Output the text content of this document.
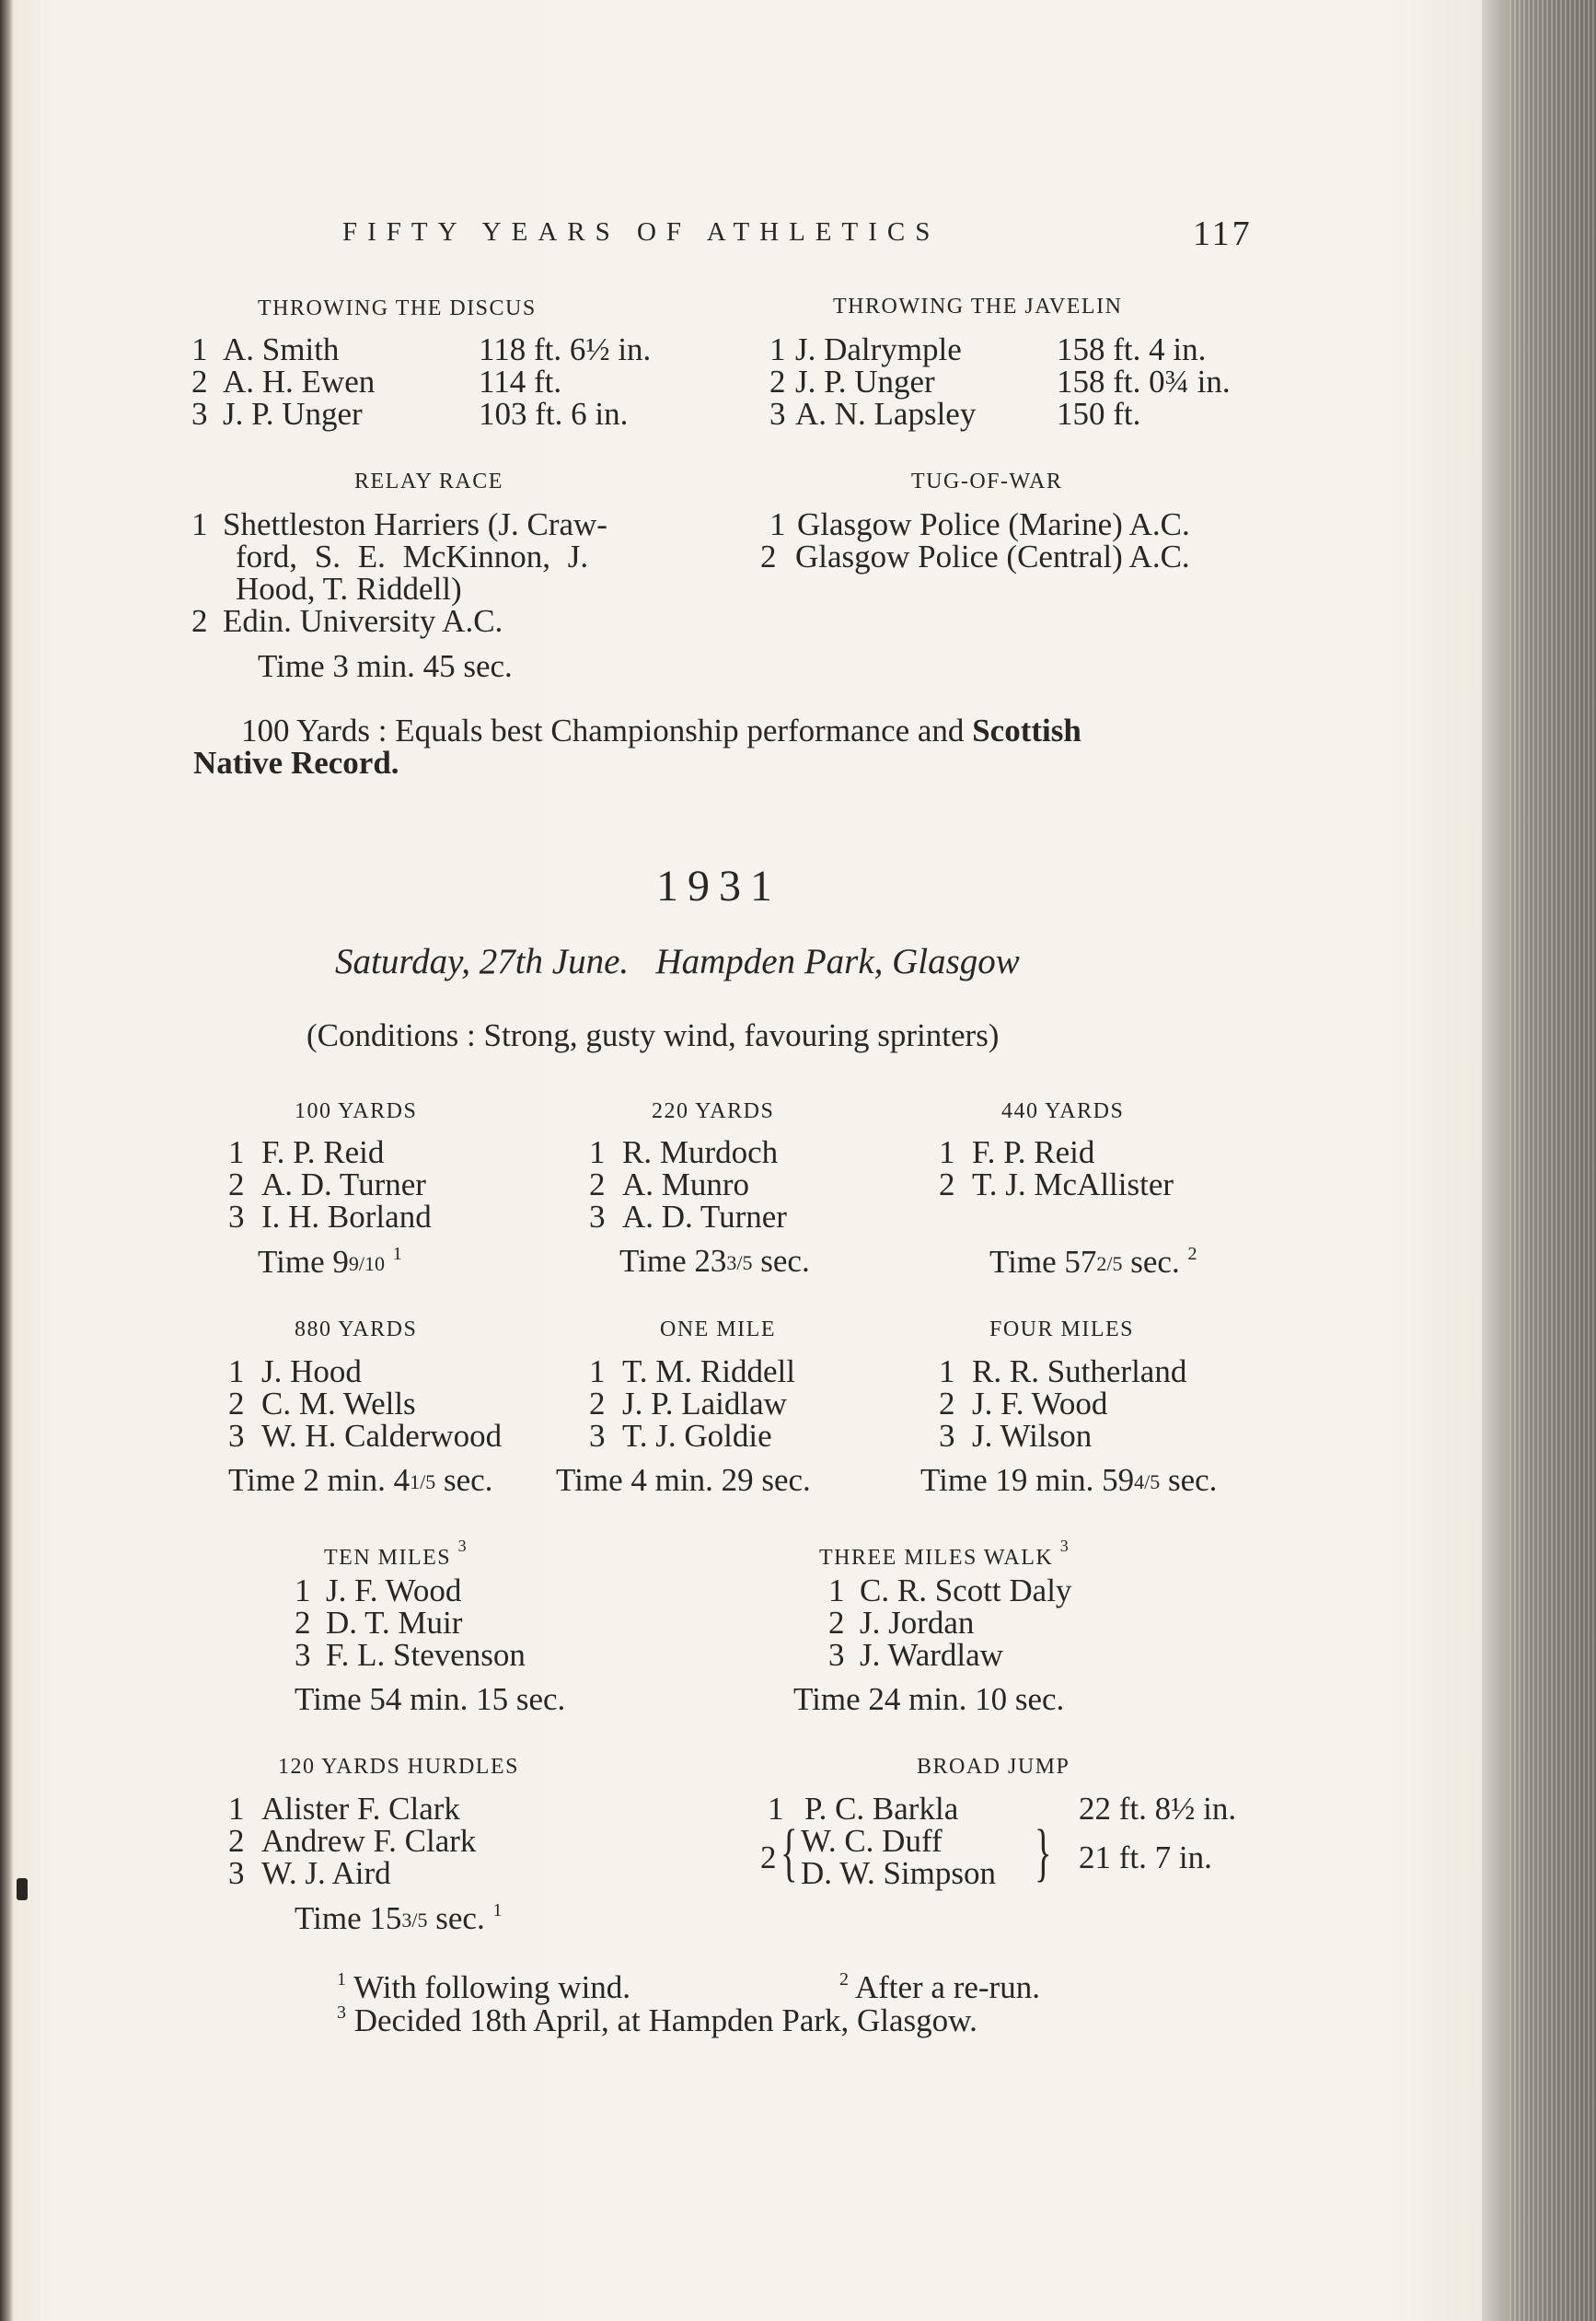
FIFTY YEARS OF ATHLETICS	117
THROWING THE DISCUS
1 A. Smith	118 ft. 6½ in.
2 A. H. Ewen	114 ft.
3 J. P. Unger	103 ft. 6 in.
THROWING THE JAVELIN
1 J. Dalrymple	158 ft. 4 in.
2 J. P. Unger	158 ft. 0¾ in.
3 A. N. Lapsley	150 ft.
RELAY RACE
1 Shettleston Harriers (J. Craw-
ford, S. E. McKinnon, J.
Hood, T. Riddell)
2 Edin. University A.C.
Time 3 min. 45 sec.
TUG-OF-WAR
1 Glasgow Police (Marine) A.C.
2 Glasgow Police (Central) A.C.
100 Yards : Equals best Championship performance and Scottish
Native Record.
1931
Saturday, 27th June.   Hampden Park, Glasgow
(Conditions : Strong, gusty wind, favouring sprinters)
100 YARDS
1 F. P. Reid
2 A. D. Turner
3 I. H. Borland
Time 99/10 $^1$
220 YARDS
1 R. Murdoch
2 A. Munro
3 A. D. Turner
Time 233/5 sec.
440 YARDS
1 F. P. Reid
2 T. J. McAllister
Time 572/5 sec. $^2$
880 YARDS
1 J. Hood
2 C. M. Wells
3 W. H. Calderwood
Time 2 min. 41/5 sec.
ONE MILE
1 T. M. Riddell
2 J. P. Laidlaw
3 T. J. Goldie
Time 4 min. 29 sec.
FOUR MILES
1 R. R. Sutherland
2 J. F. Wood
3 J. Wilson
Time 19 min. 594/5 sec.
TEN MILES $^3$
1 J. F. Wood
2 D. T. Muir
3 F. L. Stevenson
Time 54 min. 15 sec.
THREE MILES WALK $^3$
1 C. R. Scott Daly
2 J. Jordan
3 J. Wardlaw
Time 24 min. 10 sec.
120 YARDS HURDLES
1 Alister F. Clark
2 Andrew F. Clark
3 W. J. Aird
Time 153/5 sec. $^1$
BROAD JUMP
1 P. C. Barkla	22 ft. 8½ in.
2 { W. C. Duff
D. W. Simpson } 21 ft. 7 in.
$^1$ With following wind.	$^2$ After a re-run.
$^3$ Decided 18th April, at Hampden Park, Glasgow.
